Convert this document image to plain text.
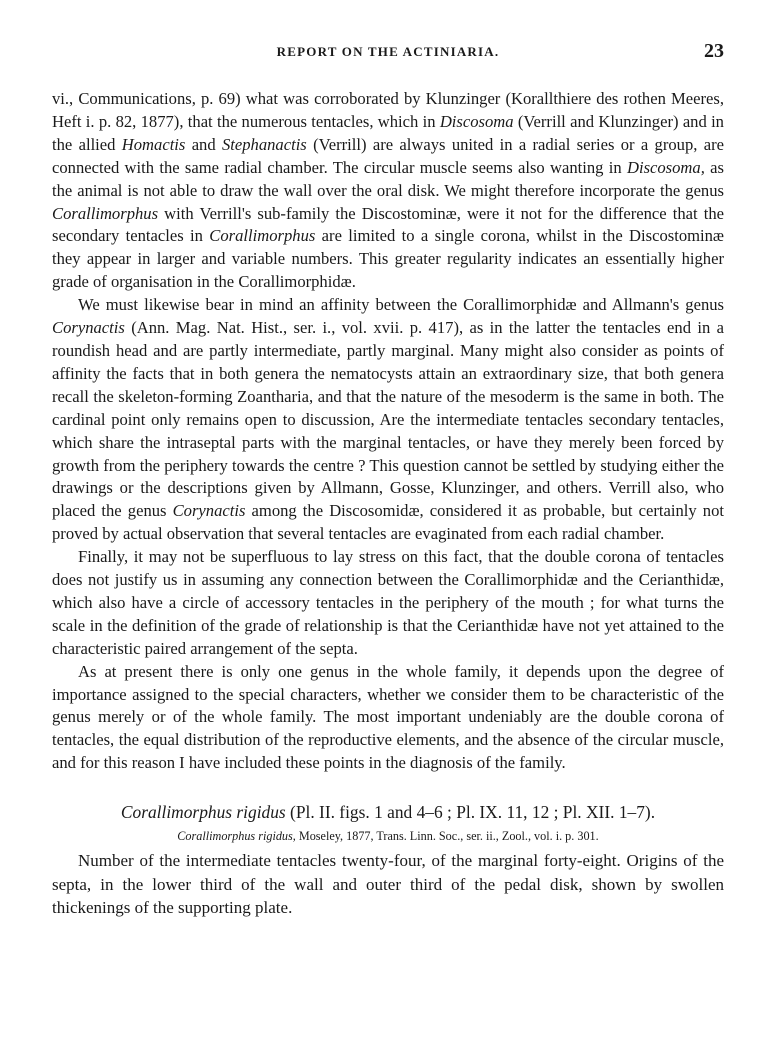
REPORT ON THE ACTINIARIA.	23

vi., Communications, p. 69) what was corroborated by Klunzinger (Korallthiere des rothen Meeres, Heft i. p. 82, 1877), that the numerous tentacles, which in Discosoma (Verrill and Klunzinger) and in the allied Homactis and Stephanactis (Verrill) are always united in a radial series or a group, are connected with the same radial chamber. The circular muscle seems also wanting in Discosoma, as the animal is not able to draw the wall over the oral disk. We might therefore incorporate the genus Corallimorphus with Verrill's sub-family the Discostominæ, were it not for the difference that the secondary tentacles in Corallimorphus are limited to a single corona, whilst in the Discostominæ they appear in larger and variable numbers. This greater regularity indicates an essentially higher grade of organisation in the Corallimorphidæ.

We must likewise bear in mind an affinity between the Corallimorphidæ and Allmann's genus Corynactis (Ann. Mag. Nat. Hist., ser. i., vol. xvii. p. 417), as in the latter the tentacles end in a roundish head and are partly intermediate, partly marginal. Many might also consider as points of affinity the facts that in both genera the nematocysts attain an extraordinary size, that both genera recall the skeleton-forming Zoantharia, and that the nature of the mesoderm is the same in both. The cardinal point only remains open to discussion, Are the intermediate tentacles secondary tentacles, which share the intraseptal parts with the marginal tentacles, or have they merely been forced by growth from the periphery towards the centre ? This question cannot be settled by studying either the drawings or the descriptions given by Allmann, Gosse, Klunzinger, and others. Verrill also, who placed the genus Corynactis among the Discosomidæ, considered it as probable, but certainly not proved by actual observation that several tentacles are evaginated from each radial chamber.

Finally, it may not be superfluous to lay stress on this fact, that the double corona of tentacles does not justify us in assuming any connection between the Corallimorphidæ and the Cerianthidæ, which also have a circle of accessory tentacles in the periphery of the mouth ; for what turns the scale in the definition of the grade of relationship is that the Cerianthidæ have not yet attained to the characteristic paired arrangement of the septa.

As at present there is only one genus in the whole family, it depends upon the degree of importance assigned to the special characters, whether we consider them to be characteristic of the genus merely or of the whole family. The most important undeniably are the double corona of tentacles, the equal distribution of the reproductive elements, and the absence of the circular muscle, and for this reason I have included these points in the diagnosis of the family.

Corallimorphus rigidus (Pl. II. figs. 1 and 4–6 ; Pl. IX. 11, 12 ; Pl. XII. 1–7).
Corallimorphus rigidus, Moseley, 1877, Trans. Linn. Soc., ser. ii., Zool., vol. i. p. 301.

Number of the intermediate tentacles twenty-four, of the marginal forty-eight. Origins of the septa, in the lower third of the wall and outer third of the pedal disk, shown by swollen thickenings of the supporting plate.
